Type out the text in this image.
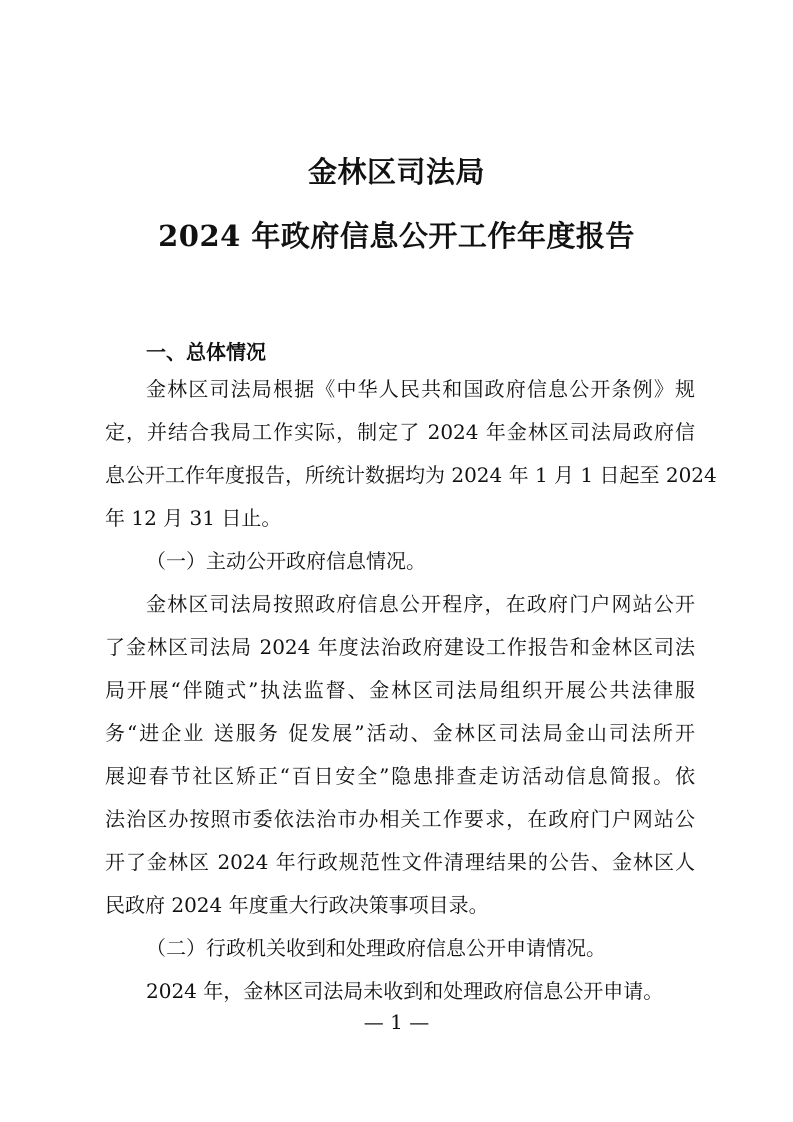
金林区司法局
2024 年政府信息公开工作年度报告
一、总体情况
金林区司法局根据《中华人民共和国政府信息公开条例》规
定，并结合我局工作实际，制定了 2024 年金林区司法局政府信
息公开工作年度报告，所统计数据均为 2024 年 1 月 1 日起至 2024
年 12 月 31 日止。
（一）主动公开政府信息情况。
金林区司法局按照政府信息公开程序，在政府门户网站公开
了金林区司法局 2024 年度法治政府建设工作报告和金林区司法
局开展“伴随式”执法监督、金林区司法局组织开展公共法律服
务“进企业 送服务 促发展”活动、金林区司法局金山司法所开
展迎春节社区矫正“百日安全”隐患排查走访活动信息简报。依
法治区办按照市委依法治市办相关工作要求，在政府门户网站公
开了金林区 2024 年行政规范性文件清理结果的公告、金林区人
民政府 2024 年度重大行政决策事项目录。
（二）行政机关收到和处理政府信息公开申请情况。
2024 年，金林区司法局未收到和处理政府信息公开申请。
— 1 —
